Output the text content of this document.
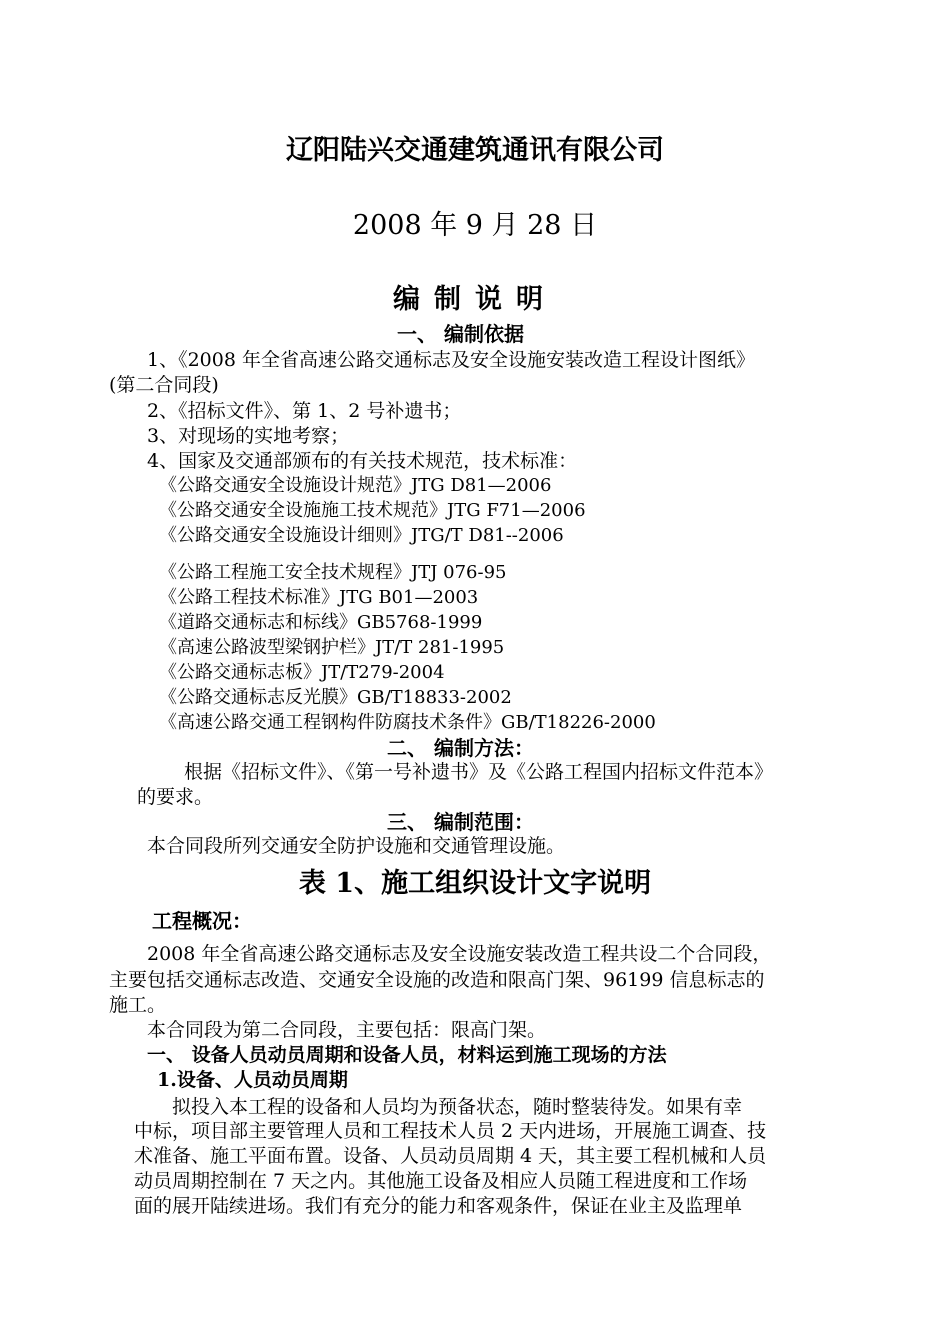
辽阳陆兴交通建筑通讯有限公司
2008 年 9 月 28 日
编制说明
一、 编制依据
1、《2008 年全省高速公路交通标志及安全设施安装改造工程设计图纸》
(第二合同段)
2、《招标文件》、第 1、2 号补遗书；
3、对现场的实地考察；
4、国家及交通部颁布的有关技术规范，技术标准：
《公路交通安全设施设计规范》JTG D81—2006
《公路交通安全设施施工技术规范》JTG F71—2006
《公路交通安全设施设计细则》JTG/T D81--2006
《公路工程施工安全技术规程》JTJ 076-95
《公路工程技术标准》JTG B01—2003
《道路交通标志和标线》GB5768-1999
《高速公路波型梁钢护栏》JT/T 281-1995
《公路交通标志板》JT/T279-2004
《公路交通标志反光膜》GB/T18833-2002
《高速公路交通工程钢构件防腐技术条件》GB/T18226-2000
二、 编制方法：
根据《招标文件》、《第一号补遗书》及《公路工程国内招标文件范本》
的要求。
三、 编制范围：
本合同段所列交通安全防护设施和交通管理设施。
表 1、施工组织设计文字说明
工程概况：
2008 年全省高速公路交通标志及安全设施安装改造工程共设二个合同段，
主要包括交通标志改造、交通安全设施的改造和限高门架、96199 信息标志的
施工。
本合同段为第二合同段，主要包括：限高门架。
一、 设备人员动员周期和设备人员，材料运到施工现场的方法
1.设备、人员动员周期
拟投入本工程的设备和人员均为预备状态，随时整装待发。如果有幸
中标，项目部主要管理人员和工程技术人员 2 天内进场，开展施工调查、技
术准备、施工平面布置。设备、人员动员周期 4 天，其主要工程机械和人员
动员周期控制在 7 天之内。其他施工设备及相应人员随工程进度和工作场
面的展开陆续进场。我们有充分的能力和客观条件，保证在业主及监理单
